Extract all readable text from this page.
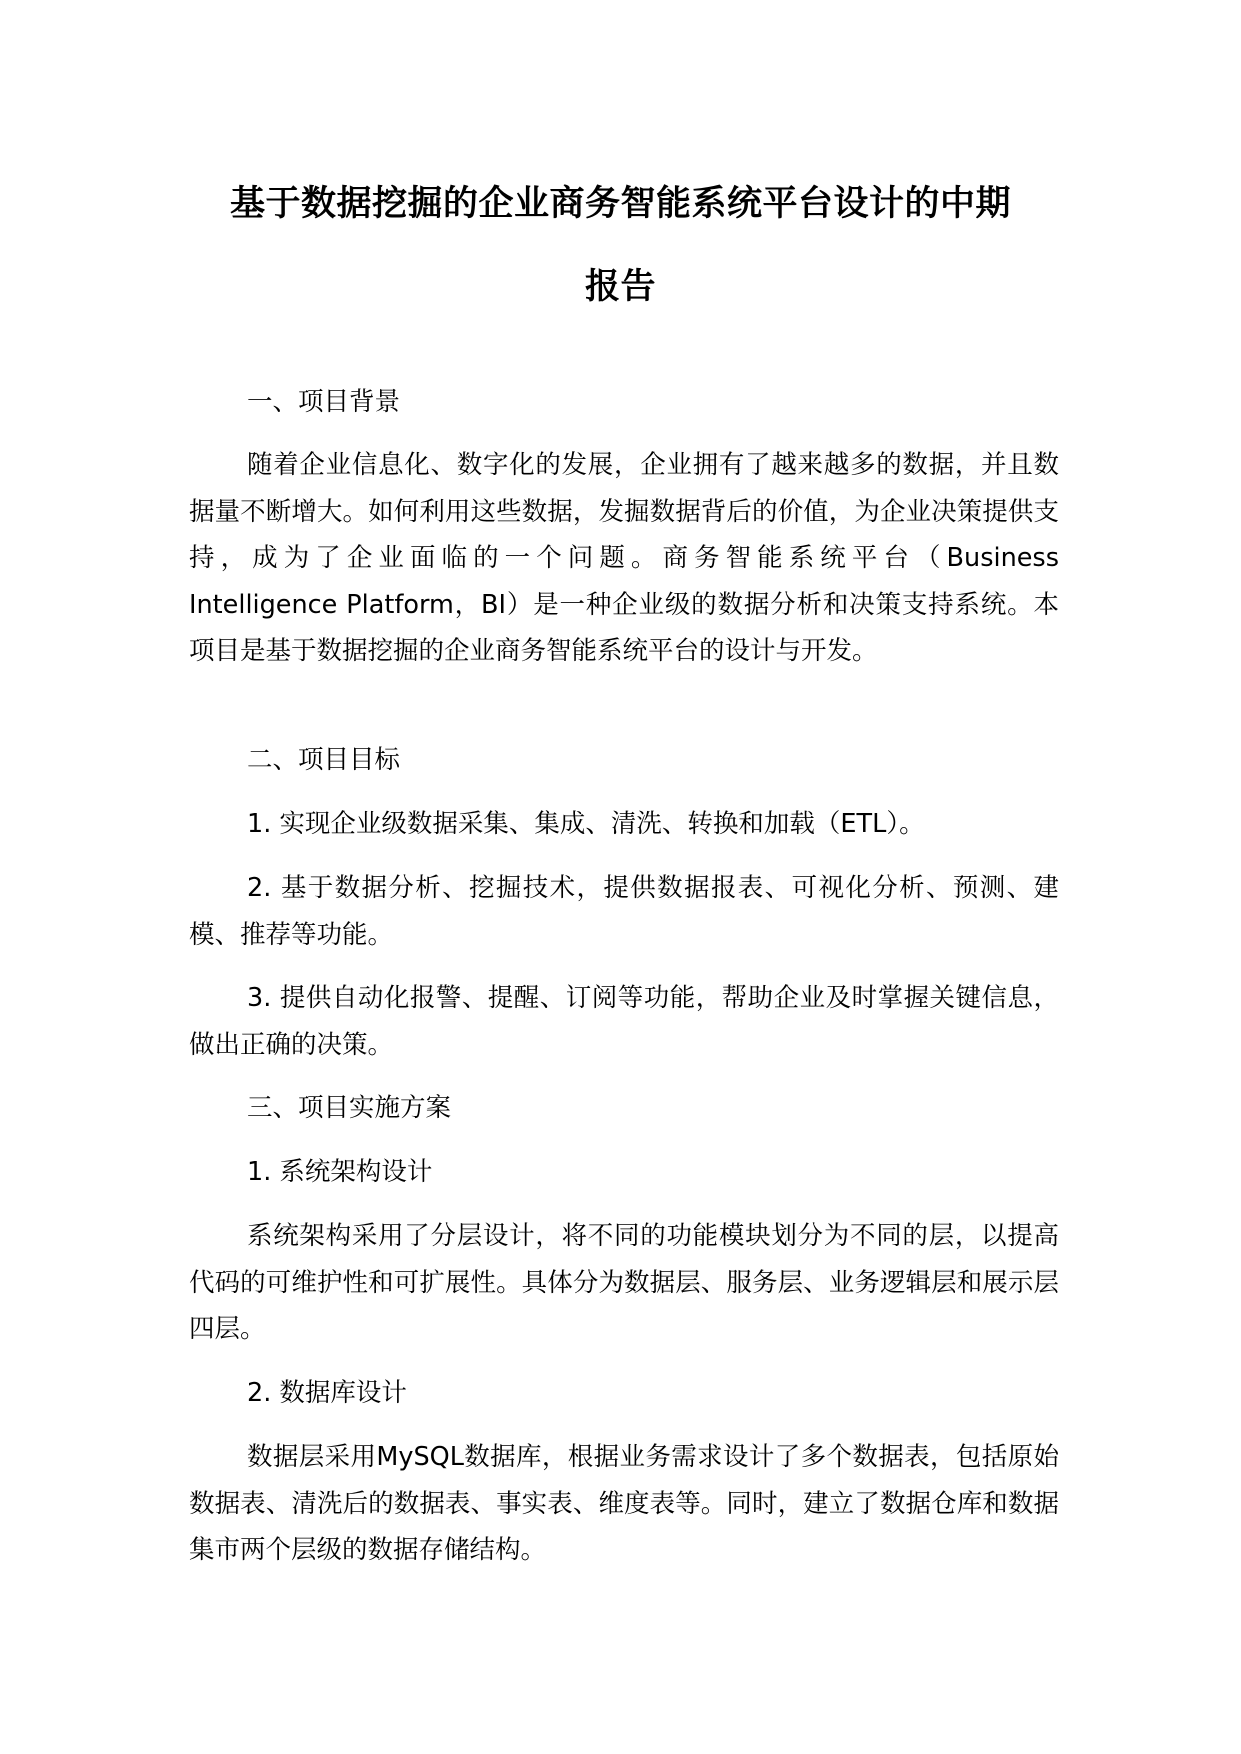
基于数据挖掘的企业商务智能系统平台设计的中期
报告

一、项目背景

随着企业信息化、数字化的发展，企业拥有了越来越多的数据，并且数据量不断增大。如何利用这些数据，发掘数据背后的价值，为企业决策提供支持，成为了企业面临的一个问题。商务智能系统平台（Business Intelligence Platform，BI）是一种企业级的数据分析和决策支持系统。本项目是基于数据挖掘的企业商务智能系统平台的设计与开发。

二、项目目标

1. 实现企业级数据采集、集成、清洗、转换和加载（ETL）。

2. 基于数据分析、挖掘技术，提供数据报表、可视化分析、预测、建模、推荐等功能。

3. 提供自动化报警、提醒、订阅等功能，帮助企业及时掌握关键信息，做出正确的决策。

三、项目实施方案

1. 系统架构设计

系统架构采用了分层设计，将不同的功能模块划分为不同的层，以提高代码的可维护性和可扩展性。具体分为数据层、服务层、业务逻辑层和展示层四层。

2. 数据库设计

数据层采用MySQL数据库，根据业务需求设计了多个数据表，包括原始数据表、清洗后的数据表、事实表、维度表等。同时，建立了数据仓库和数据集市两个层级的数据存储结构。
